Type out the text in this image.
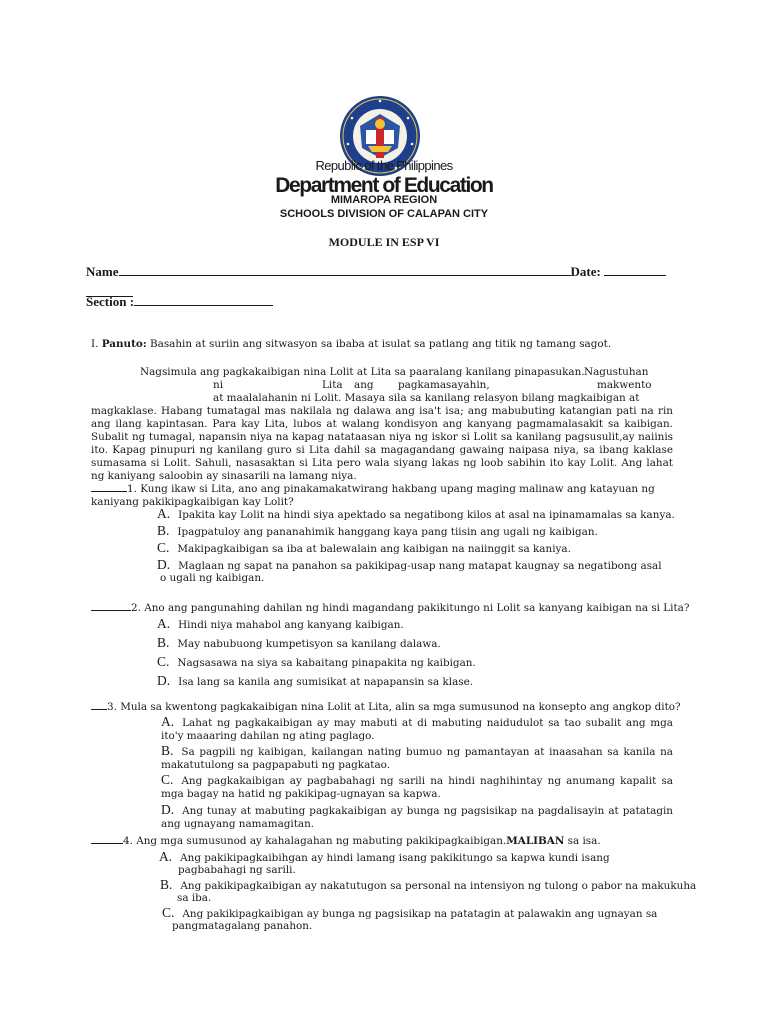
Republic of the Philippines
Department of Education
MIMAROPA REGION
SCHOOLS DIVISION OF CALAPAN CITY
MODULE IN ESP VI
Name	Date:
Section :
I. Panuto: Basahin at suriin ang sitwasyon sa ibaba at isulat sa patlang ang titik ng tamang sagot.
Nagsimula ang pagkakaibigan nina Lolit at Lita sa paaralang kanilang pinapasukan. Nagustuhan
ni	Lita ang pagkamasayahin,	makwento
at maalalahanin ni Lolit. Masaya sila sa kanilang relasyon bilang magkaibigan at
magkaklase. Habang tumatagal mas nakilala ng dalawa ang isa't isa; ang mabubuting katangian pati na rin ang ilang kapintasan. Para kay Lita, lubos at walang kondisyon ang kanyang pagmamalasakit sa kaibigan. Subalit ng tumagal, napansin niya na kapag natataasan niya ng iskor si Lolit sa kanilang pagsusulit,ay naiinis ito. Kapag pinupuri ng kanilang guro si Lita dahil sa magagandang gawaing naipasa niya, sa ibang kaklase sumasama si Lolit. Sahuli, nasasaktan si Lita pero wala siyang lakas ng loob sabihin ito kay Lolit. Ang lahat ng kaniyang saloobin ay sinasarili na lamang niya.
1. Kung ikaw si Lita, ano ang pinakamakatwirang hakbang upang maging malinaw ang katayuan ng kaniyang pakikipagkaibigan kay Lolit?
A. Ipakita kay Lolit na hindi siya apektado sa negatibong kilos at asal na ipinamamalas sa kanya.
B. Ipagpatuloy ang pananahimik hanggang kaya pang tiisin ang ugali ng kaibigan.
C. Makipagkaibigan sa iba at balewalain ang kaibigan na naiinggit sa kaniya.
D. Maglaan ng sapat na panahon sa pakikipag-usap nang matapat kaugnay sa negatibong asal
o ugali ng kaibigan.
2. Ano ang pangunahing dahilan ng hindi magandang pakikitungo ni Lolit sa kanyang kaibigan na si Lita?
A. Hindi niya mahabol ang kanyang kaibigan.
B. May nabubuong kumpetisyon sa kanilang dalawa.
C. Nagsasawa na siya sa kabaitang pinapakita ng kaibigan.
D. Isa lang sa kanila ang sumisikat at napapansin sa klase.
3. Mula sa kwentong pagkakaibigan nina Lolit at Lita, alin sa mga sumusunod na konsepto ang angkop dito?
A. Lahat ng pagkakaibigan ay may mabuti at di mabuting naidudulot sa tao subalit ang mga ito'y maaaring dahilan ng ating paglago.
B. Sa pagpili ng kaibigan, kailangan nating bumuo ng pamantayan at inaasahan sa kanila na makatutulong sa pagpapabuti ng pagkatao.
C. Ang pagkakaibigan ay pagbabahagi ng sarili na hindi naghihintay ng anumang kapalit sa mga bagay na hatid ng pakikipag-ugnayan sa kapwa.
D. Ang tunay at mabuting pagkakaibigan ay bunga ng pagsisikap na pagdalisayin at patatagin ang ugnayang namamagitan.
4. Ang mga sumusunod ay kahalagahan ng mabuting pakikipagkaibigan.MALIBAN sa isa.
A. Ang pakikipagkaibihgan ay hindi lamang isang pakikitungo sa kapwa kundi isang
pagbabahagi ng sarili.
B. Ang pakikipagkaibigan ay nakatutugon sa personal na intensiyon ng tulong o pabor na makukuha
sa iba.
C. Ang pakikipagkaibigan ay bunga ng pagsisikap na patatagin at palawakin ang ugnayan sa
pangmatagalang panahon.
